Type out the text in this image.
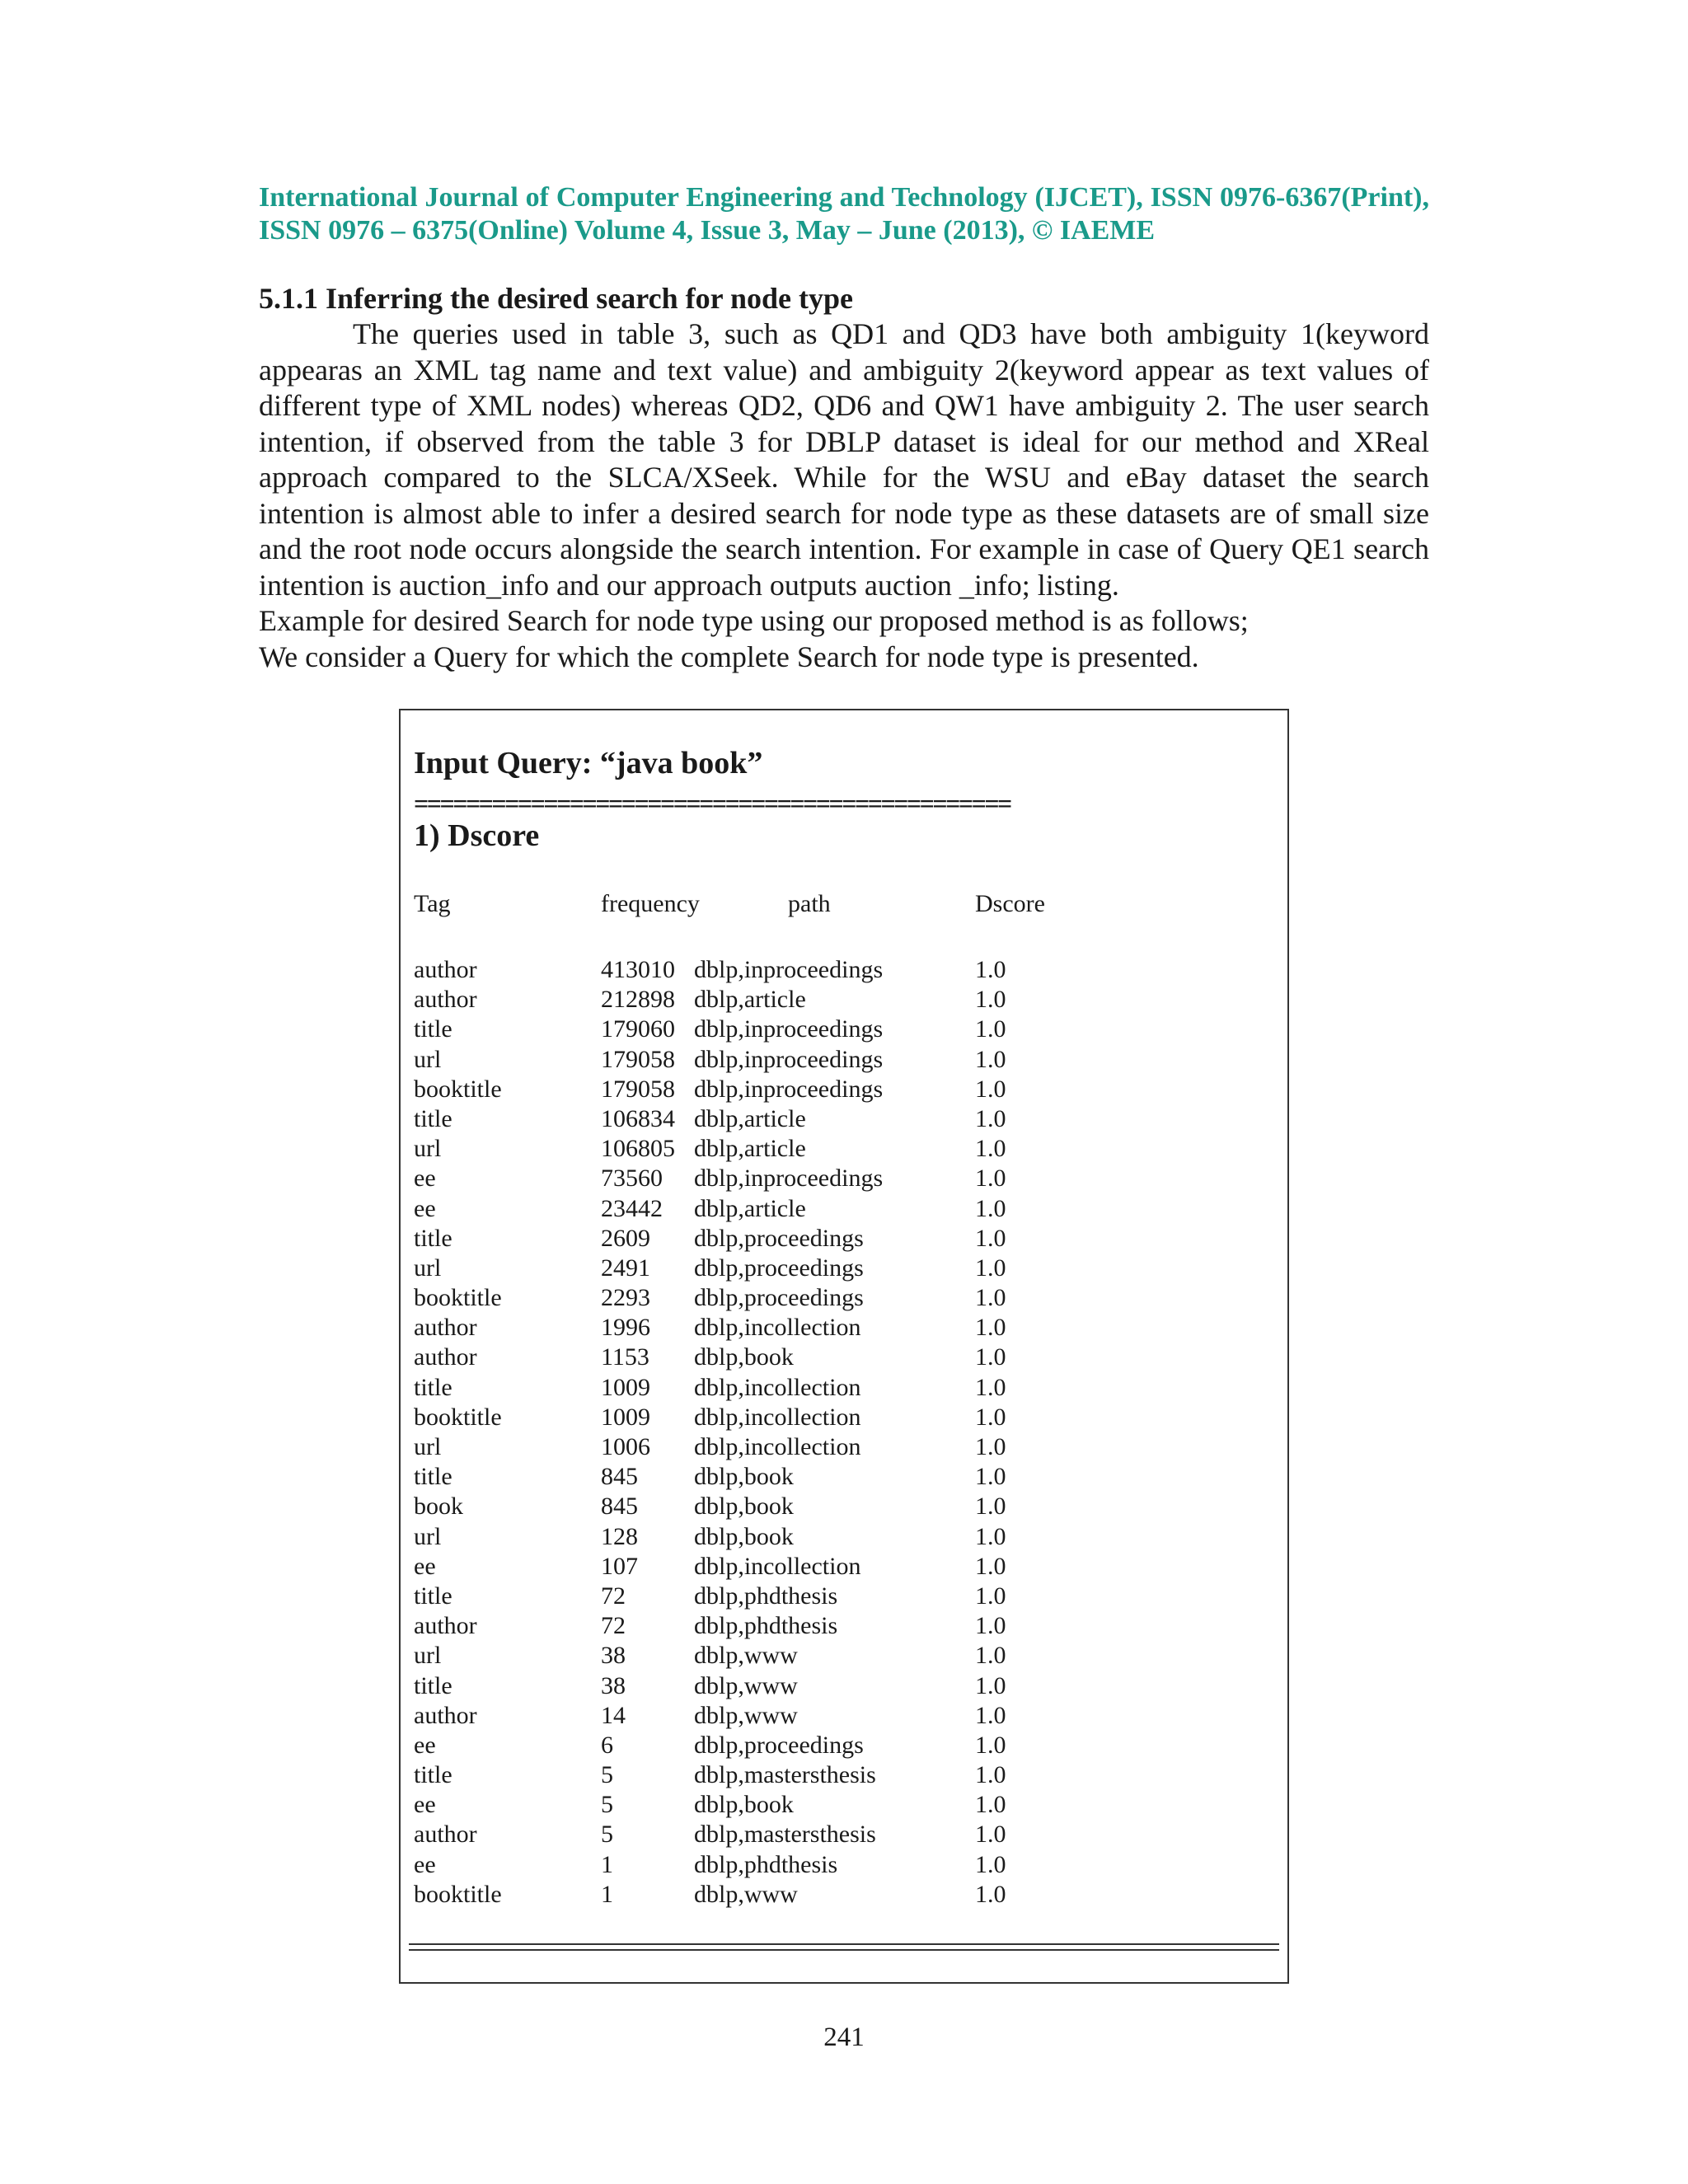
International Journal of Computer Engineering and Technology (IJCET), ISSN 0976-6367(Print), ISSN 0976 – 6375(Online) Volume 4, Issue 3, May – June (2013), © IAEME
5.1.1 Inferring the desired search for node type

The queries used in table 3, such as QD1 and QD3 have both ambiguity 1(keyword appearas an XML tag name and text value) and ambiguity 2(keyword appear as text values of different type of XML nodes) whereas QD2, QD6 and QW1 have ambiguity 2. The user search intention, if observed from the table 3 for DBLP dataset is ideal for our method and XReal approach compared to the SLCA/XSeek. While for the WSU and eBay dataset the search intention is almost able to infer a desired search for node type as these datasets are of small size and the root node occurs alongside the search intention. For example in case of Query QE1 search intention is auction_info and our approach outputs auction _info; listing.

Example for desired Search for node type using our proposed method is as follows;

We consider a Query for which the complete Search for node type is presented.

Input Query: “java book”
==============================================
1) Dscore
Tag	frequency	path	Dscore
author	413010 dblp,inproceedings	1.0
author	212898 dblp,article	1.0
title	179060 dblp,inproceedings	1.0
url	179058 dblp,inproceedings	1.0
booktitle	179058 dblp,inproceedings	1.0
title	106834 dblp,article	1.0
url	106805 dblp,article	1.0
ee	73560 dblp,inproceedings	1.0
ee	23442 dblp,article	1.0
title	2609 dblp,proceedings	1.0
url	2491 dblp,proceedings	1.0
booktitle	2293 dblp,proceedings	1.0
author	1996 dblp,incollection	1.0
author	1153 dblp,book	1.0
title	1009 dblp,incollection	1.0
booktitle	1009 dblp,incollection	1.0
url	1006 dblp,incollection	1.0
title	845 dblp,book	1.0
book	845 dblp,book	1.0
url	128 dblp,book	1.0
ee	107 dblp,incollection	1.0
title	72	dblp,phdthesis	1.0
author	72	dblp,phdthesis	1.0
url	38	dblp,www	1.0
title	38	dblp,www	1.0
author	14	dblp,www	1.0
ee	6	dblp,proceedings	1.0
title	5	dblp,mastersthesis	1.0
ee	5	dblp,book	1.0
author	5	dblp,mastersthesis	1.0
ee	1	dblp,phdthesis	1.0
booktitle	1	dblp,www	1.0
241
